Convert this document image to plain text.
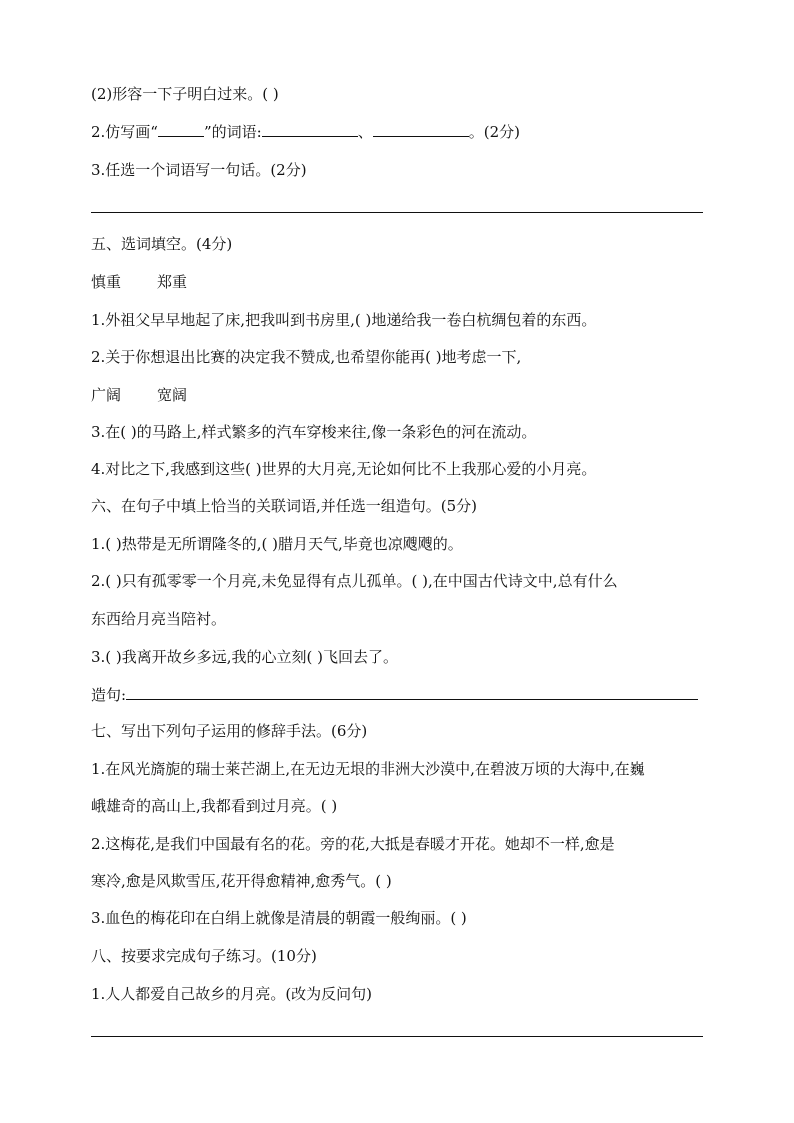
(2)形容一下子明白过来。( )
2.仿写画“	”的词语:	、	。(2分)
3.任选一个词语写一句话。(2分)
五、选词填空。(4分)
慎重 郑重
1.外祖父早早地起了床,把我叫到书房里,( )地递给我一卷白杭绸包着的东西。
2.关于你想退出比赛的决定我不赞成,也希望你能再( )地考虑一下,
广阔 宽阔
3.在( )的马路上,样式繁多的汽车穿梭来往,像一条彩色的河在流动。
4.对比之下,我感到这些( )世界的大月亮,无论如何比不上我那心爱的小月亮。
六、在句子中填上恰当的关联词语,并任选一组造句。(5分)
1.( )热带是无所谓隆冬的,( )腊月天气,毕竟也凉飕飕的。
2.( )只有孤零零一个月亮,未免显得有点儿孤单。( ),在中国古代诗文中,总有什么
东西给月亮当陪衬。
3.( )我离开故乡多远,我的心立刻( )飞回去了。
造句:
七、写出下列句子运用的修辞手法。(6分)
1.在风光旖旎的瑞士莱芒湖上,在无边无垠的非洲大沙漠中,在碧波万顷的大海中,在巍
峨雄奇的高山上,我都看到过月亮。( )
2.这梅花,是我们中国最有名的花。旁的花,大抵是春暖才开花。她却不一样,愈是
寒冷,愈是风欺雪压,花开得愈精神,愈秀气。( )
3.血色的梅花印在白绢上就像是清晨的朝霞一般绚丽。( )
八、按要求完成句子练习。(10分)
1.人人都爱自己故乡的月亮。(改为反问句)
